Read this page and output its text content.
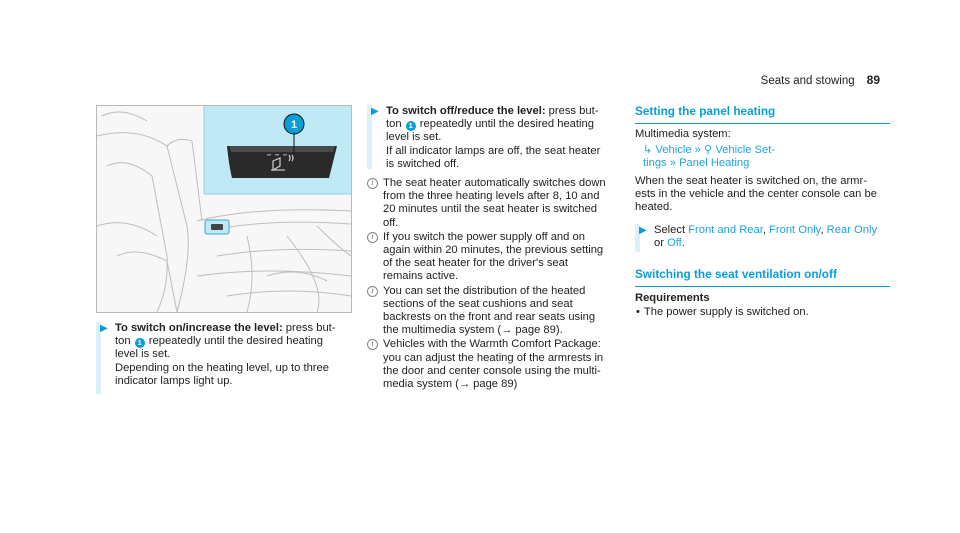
Seats and stowing 89
1
▶ To switch on/increase the level: press but-
ton 1 repeatedly until the desired heating
level is set.
Depending on the heating level, up to three
indicator lamps light up.

▶ To switch off/reduce the level: press but-
ton 1 repeatedly until the desired heating
level is set.
If all indicator lamps are off, the seat heater
is switched off.

i The seat heater automatically switches down
from the three heating levels after 8, 10 and
20 minutes until the seat heater is switched
off.

i If you switch the power supply off and on
again within 20 minutes, the previous setting
of the seat heater for the driver's seat
remains active.

i You can set the distribution of the heated
sections of the seat cushions and seat
backrests on the front and rear seats using
the multimedia system (→ page 89).

i Vehicles with the Warmth Comfort Package:
you can adjust the heating of the armrests in
the door and center console using the multi-
media system (→ page 89)

Setting the panel heating

Multimedia system:

↳ Vehicle » ⚲ Vehicle Set-
tings » Panel Heating

When the seat heater is switched on, the armr-
ests in the vehicle and the center console can be
heated.

▶ Select Front and Rear, Front Only, Rear Only
or Off.

Switching the seat ventilation on/off

Requirements

• The power supply is switched on.
